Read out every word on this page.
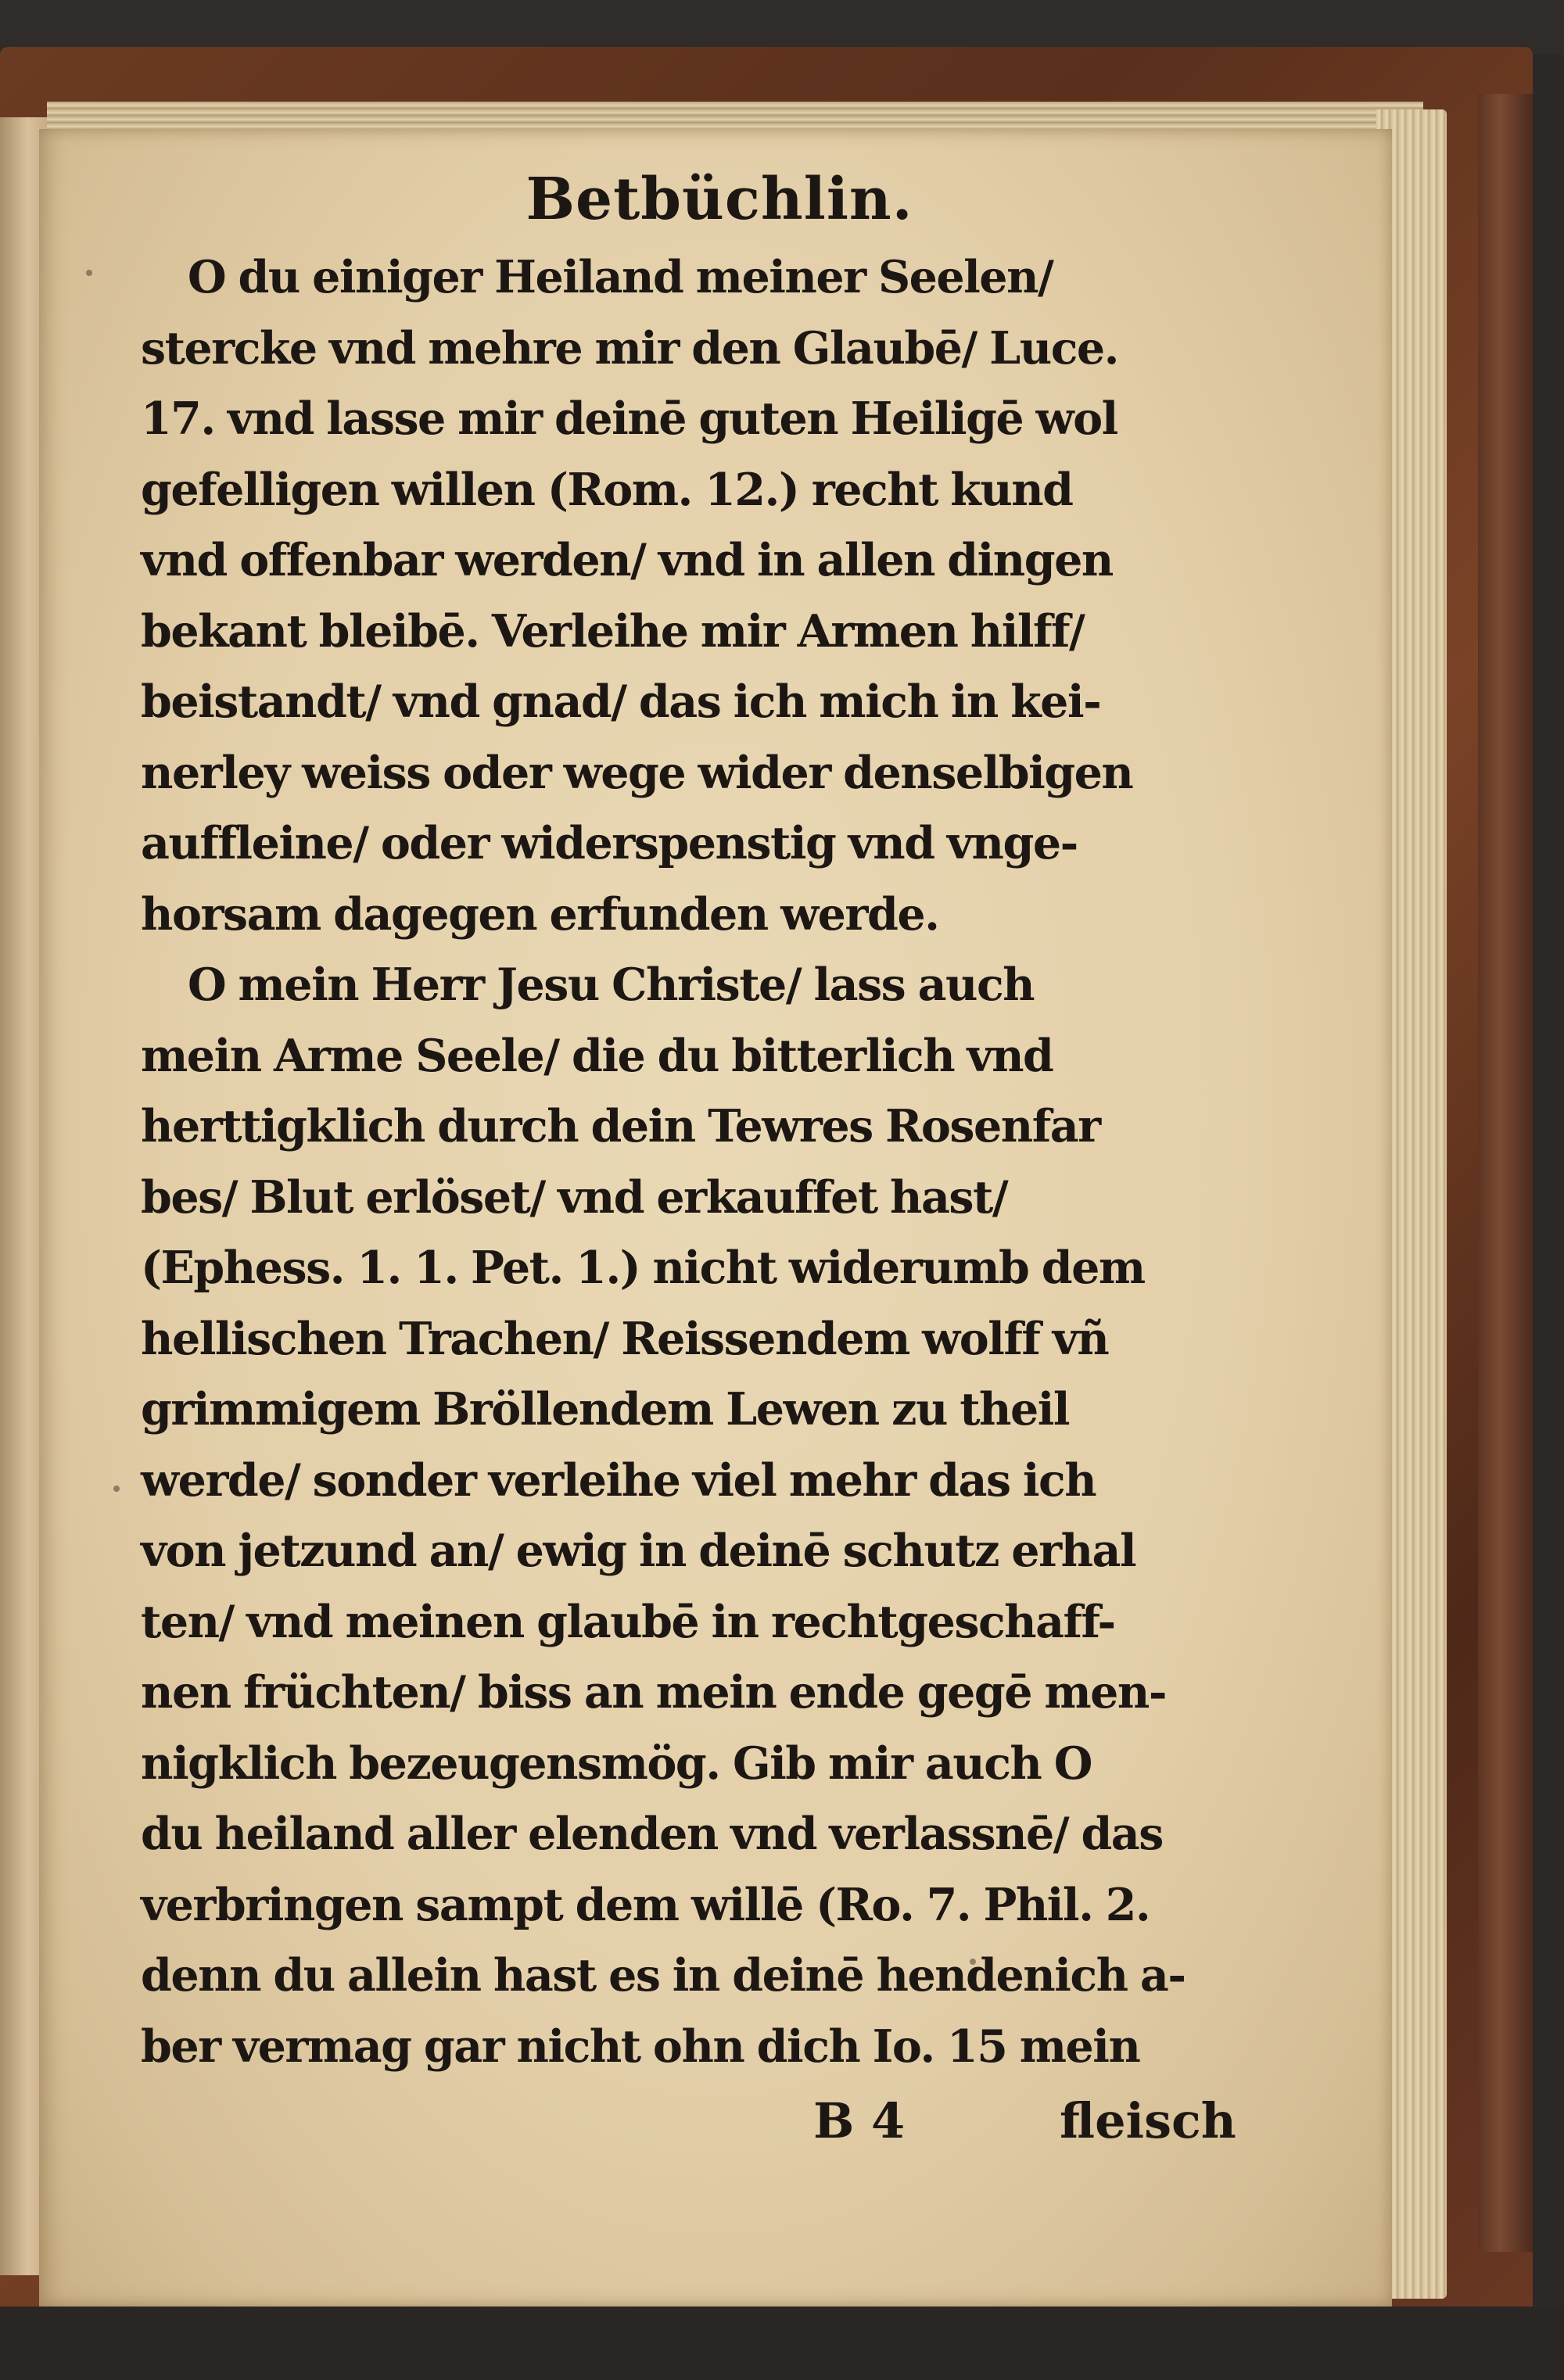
Betbüchlin.
O du einiger Heiland meiner Seelen/
stercke vnd mehre mir den Glaubē/ Luce.
17. vnd lasse mir deinē guten Heiligē wol
gefelligen willen (Rom. 12.) recht kund
vnd offenbar werden/ vnd in allen dingen
bekant bleibē. Verleihe mir Armen hilff/
beistandt/ vnd gnad/ das ich mich in kei-
nerley weiss oder wege wider denselbigen
auffleine/ oder widerspenstig vnd vnge-
horsam dagegen erfunden werde.
O mein Herr Jesu Christe/ lass auch
mein Arme Seele/ die du bitterlich vnd
herttigklich durch dein Tewres Rosenfar
bes/ Blut erlöset/ vnd erkauffet hast/
(Ephess. 1. 1. Pet. 1.) nicht widerumb dem
hellischen Trachen/ Reissendem wolff vñ
grimmigem Bröllendem Lewen zu theil
werde/ sonder verleihe viel mehr das ich
von jetzund an/ ewig in deinē schutz erhal
ten/ vnd meinen glaubē in rechtgeschaff-
nen früchten/ biss an mein ende gegē men-
nigklich bezeugensmög. Gib mir auch O
du heiland aller elenden vnd verlassnē/ das
verbringen sampt dem willē (Ro. 7. Phil. 2.
denn du allein hast es in deinē hendenich a-
ber vermag gar nicht ohn dich Io. 15 mein
B 4	fleisch
